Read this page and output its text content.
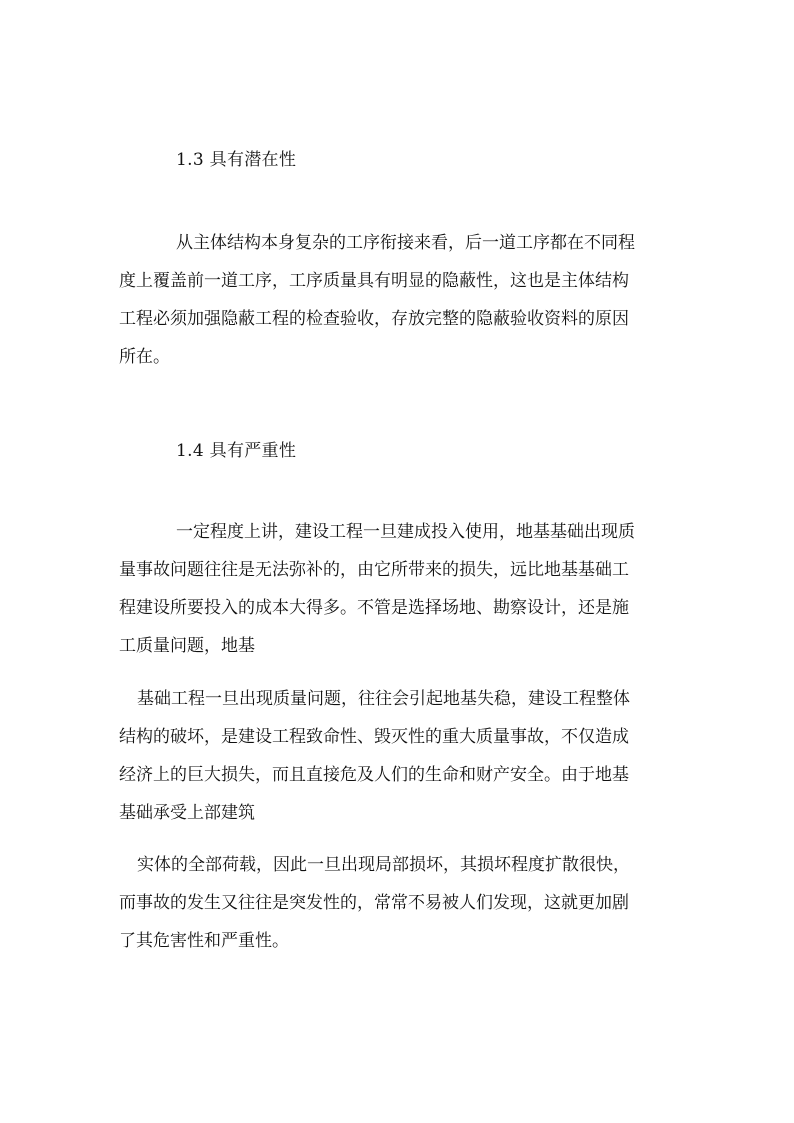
1.3 具有潜在性
从主体结构本身复杂的工序衔接来看，后一道工序都在不同程
度上覆盖前一道工序，工序质量具有明显的隐蔽性，这也是主体结构
工程必须加强隐蔽工程的检查验收，存放完整的隐蔽验收资料的原因
所在。
1.4 具有严重性
一定程度上讲，建设工程一旦建成投入使用，地基基础出现质
量事故问题往往是无法弥补的，由它所带来的损失，远比地基基础工
程建设所要投入的成本大得多。不管是选择场地、勘察设计，还是施
工质量问题，地基
基础工程一旦出现质量问题，往往会引起地基失稳，建设工程整体
结构的破坏，是建设工程致命性、毁灭性的重大质量事故，不仅造成
经济上的巨大损失，而且直接危及人们的生命和财产安全。由于地基
基础承受上部建筑
实体的全部荷载，因此一旦出现局部损坏，其损坏程度扩散很快，
而事故的发生又往往是突发性的，常常不易被人们发现，这就更加剧
了其危害性和严重性。
